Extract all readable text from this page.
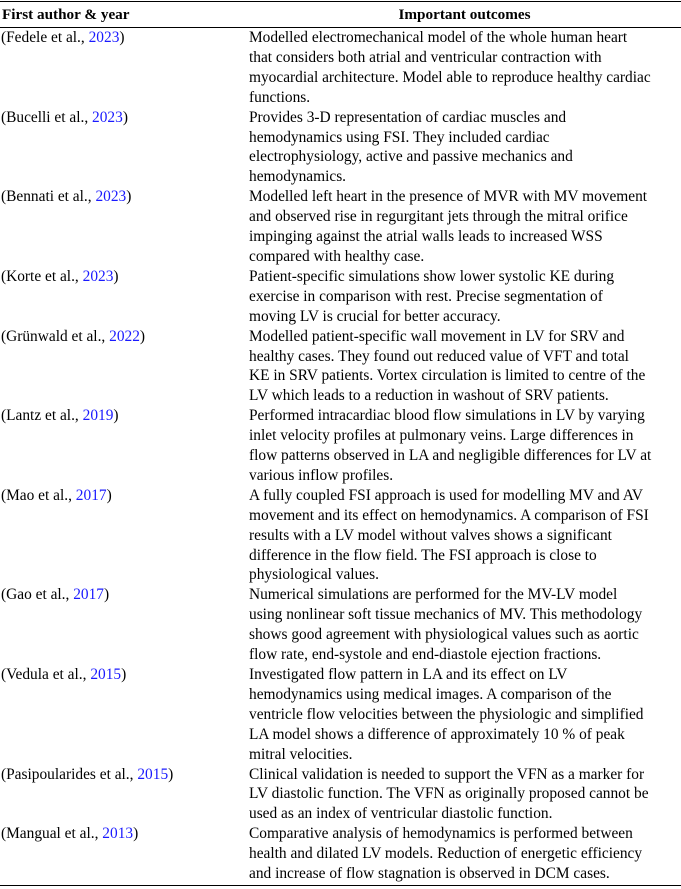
First author & year	Important outcomes
(Fedele et al., 2023)	Modelled electromechanical model of the whole human heart
that considers both atrial and ventricular contraction with
myocardial architecture. Model able to reproduce healthy cardiac
functions.

(Bucelli et al., 2023)	Provides 3-D representation of cardiac muscles and
hemodynamics using FSI. They included cardiac
electrophysiology, active and passive mechanics and
hemodynamics.

(Bennati et al., 2023)	Modelled left heart in the presence of MVR with MV movement
and observed rise in regurgitant jets through the mitral orifice
impinging against the atrial walls leads to increased WSS
compared with healthy case.

(Korte et al., 2023)	Patient-specific simulations show lower systolic KE during
exercise in comparison with rest. Precise segmentation of
moving LV is crucial for better accuracy.

(Grünwald et al., 2022)	Modelled patient-specific wall movement in LV for SRV and
healthy cases. They found out reduced value of VFT and total
KE in SRV patients. Vortex circulation is limited to centre of the
LV which leads to a reduction in washout of SRV patients.

(Lantz et al., 2019)	Performed intracardiac blood flow simulations in LV by varying
inlet velocity profiles at pulmonary veins. Large differences in
flow patterns observed in LA and negligible differences for LV at
various inflow profiles.

(Mao et al., 2017)	A fully coupled FSI approach is used for modelling MV and AV
movement and its effect on hemodynamics. A comparison of FSI
results with a LV model without valves shows a significant
difference in the flow field. The FSI approach is close to
physiological values.

(Gao et al., 2017)	Numerical simulations are performed for the MV-LV model
using nonlinear soft tissue mechanics of MV. This methodology
shows good agreement with physiological values such as aortic
flow rate, end-systole and end-diastole ejection fractions.

(Vedula et al., 2015)	Investigated flow pattern in LA and its effect on LV
hemodynamics using medical images. A comparison of the
ventricle flow velocities between the physiologic and simplified
LA model shows a difference of approximately 10 % of peak
mitral velocities.

(Pasipoularides et al., 2015)	Clinical validation is needed to support the VFN as a marker for
LV diastolic function. The VFN as originally proposed cannot be
used as an index of ventricular diastolic function.

(Mangual et al., 2013)	Comparative analysis of hemodynamics is performed between
health and dilated LV models. Reduction of energetic efficiency
and increase of flow stagnation is observed in DCM cases.
